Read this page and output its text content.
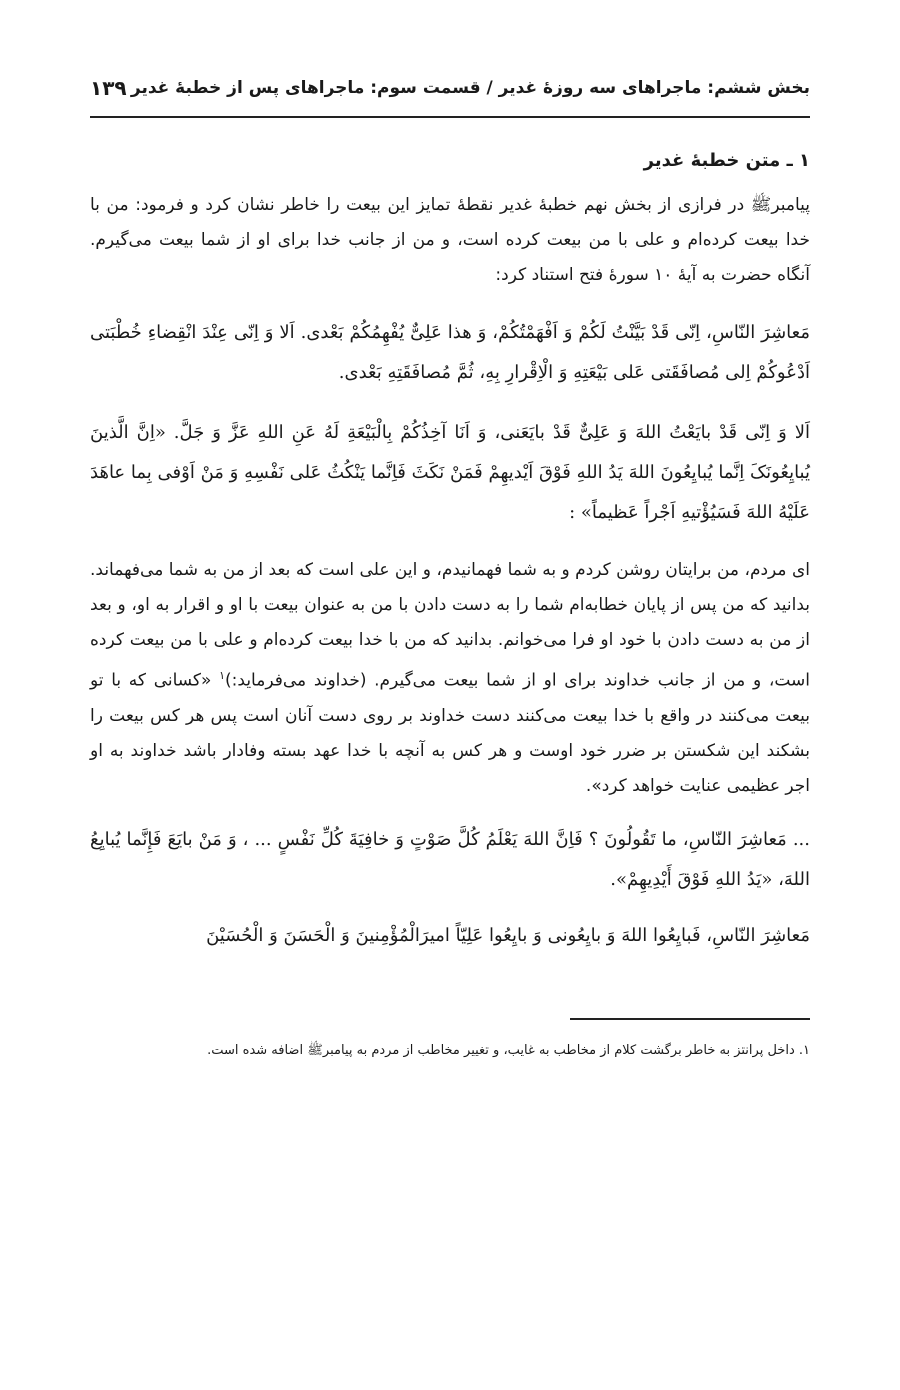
بخش ششم: ماجراهای سه روزهٔ غدیر / قسمت سوم: ماجراهای پس از خطبهٔ غدیر
۱۳۹
۱ ـ متن خطبهٔ غدیر

پیامبرﷺ در فرازی از بخش نهم خطبهٔ غدیر نقطهٔ تمایز این بیعت را خاطر نشان کرد و فرمود: من با خدا بیعت کرده‌ام و علی با من بیعت کرده است، و من از جانب خدا برای او از شما بیعت می‌گیرم. آنگاه حضرت به آیهٔ ۱۰ سورهٔ فتح استناد کرد:

مَعاشِرَ النّاسِ، اِنّی قَدْ بَیَّنْتُ لَکُمْ وَ اَفْهَمْتُکُمْ، وَ هذا عَلِیٌّ یُفْهِمُکُمْ بَعْدی. اَلا وَ اِنّی عِنْدَ انْقِضاءِ خُطْبَتی اَدْعُوکُمْ اِلی مُصافَقَتی عَلی بَیْعَتِهِ وَ الْاِقْرارِ بِهِ، ثُمَّ مُصافَقَتِهِ بَعْدی.

اَلا وَ اِنّی قَدْ بایَعْتُ اللهَ وَ عَلِیٌّ قَدْ بایَعَنی، وَ اَنَا آخِذُکُمْ بِالْبَیْعَةِ لَهُ عَنِ اللهِ عَزَّ وَ جَلَّ. «اِنَّ الَّذینَ یُبایِعُونَکَ اِنَّما یُبایِعُونَ اللهَ یَدُ اللهِ فَوْقَ اَیْدیهِمْ فَمَنْ نَکَثَ فَاِنَّما یَنْکُثُ عَلی نَفْسِهِ وَ مَنْ اَوْفی بِما عاهَدَ عَلَیْهُ اللهَ فَسَیُؤْتیهِ اَجْراً عَظیماً» :

ای مردم، من برایتان روشن کردم و به شما فهمانیدم، و این علی است که بعد از من به شما می‌فهماند. بدانید که من پس از پایان خطابه‌ام شما را به دست دادن با من به عنوان بیعت با او و اقرار به او، و بعد از من به دست دادن با خود او فرا می‌خوانم. بدانید که من با خدا بیعت کرده‌ام و علی با من بیعت کرده است، و من از جانب خداوند برای او از شما بیعت می‌گیرم. (خداوند می‌فرماید:)$^۱$ «کسانی که با تو بیعت می‌کنند در واقع با خدا بیعت می‌کنند دست خداوند بر روی دست آنان است پس هر کس بیعت را بشکند این شکستن بر ضرر خود اوست و هر کس به آنچه با خدا عهد بسته وفادار باشد خداوند به او اجر عظیمی عنایت خواهد کرد».

... مَعاشِرَ النّاسِ، ما تَقُولُونَ ؟ فَاِنَّ اللهَ یَعْلَمُ کُلَّ صَوْتٍ وَ خافِیَةَ کُلِّ نَفْسٍ ... ، وَ مَنْ بایَعَ فَإِنَّما یُبایِعُ اللهَ، «یَدُ اللهِ فَوْقَ أَیْدِیهِمْ».

مَعاشِرَ النّاسِ، فَبایِعُوا اللهَ وَ بایِعُونی وَ بایِعُوا عَلِیّاً امیرَالْمُؤْمِنینَ وَ الْحَسَنَ وَ الْحُسَیْنَ

۱. داخل پرانتز به خاطر برگشت کلام از مخاطب به غایب، و تغییر مخاطب از مردم به پیامبرﷺ اضافه شده است.
